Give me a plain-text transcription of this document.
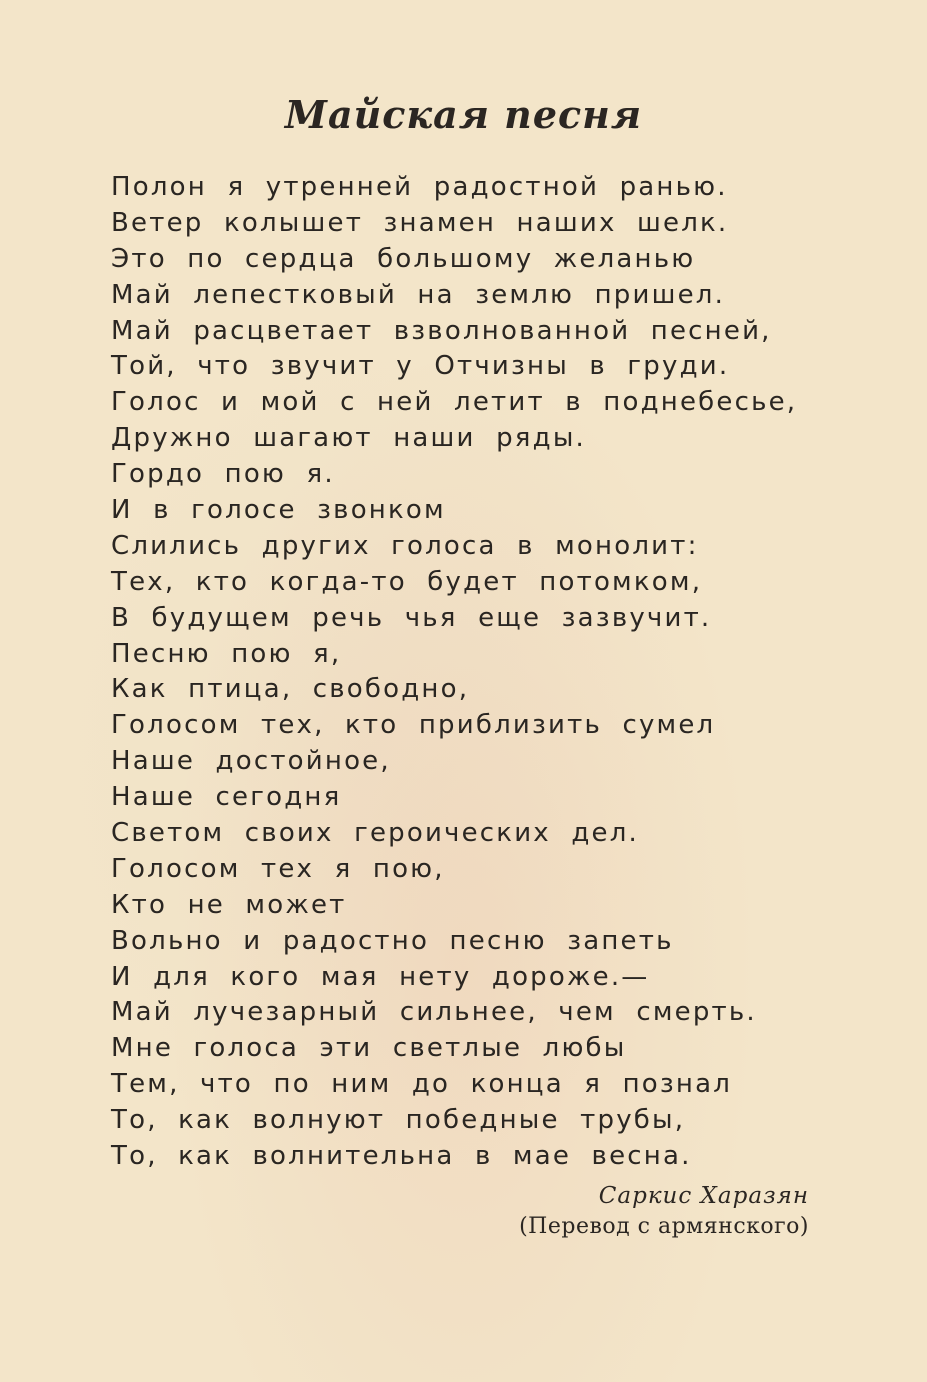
Майская песня
Полон я утренней радостной ранью.
Ветер колышет знамен наших шелк.
Это по сердца большому желанью
Май лепестковый на землю пришел.
Май расцветает взволнованной песней,
Той, что звучит у Отчизны в груди.
Голос и мой с ней летит в поднебесье,
Дружно шагают наши ряды.
Гордо пою я.
И в голосе звонком
Слились других голоса в монолит:
Тех, кто когда-то будет потомком,
В будущем речь чья еще зазвучит.
Песню пою я,
Как птица, свободно,
Голосом тех, кто приблизить сумел
Наше достойное,
Наше сегодня
Светом своих героических дел.
Голосом тех я пою,
Кто не может
Вольно и радостно песню запеть
И для кого мая нету дороже.—
Май лучезарный сильнее, чем смерть.
Мне голоса эти светлые любы
Тем, что по ним до конца я познал
То, как волнуют победные трубы,
То, как волнительна в мае весна.
Саркис Харазян
(Перевод с армянского)
